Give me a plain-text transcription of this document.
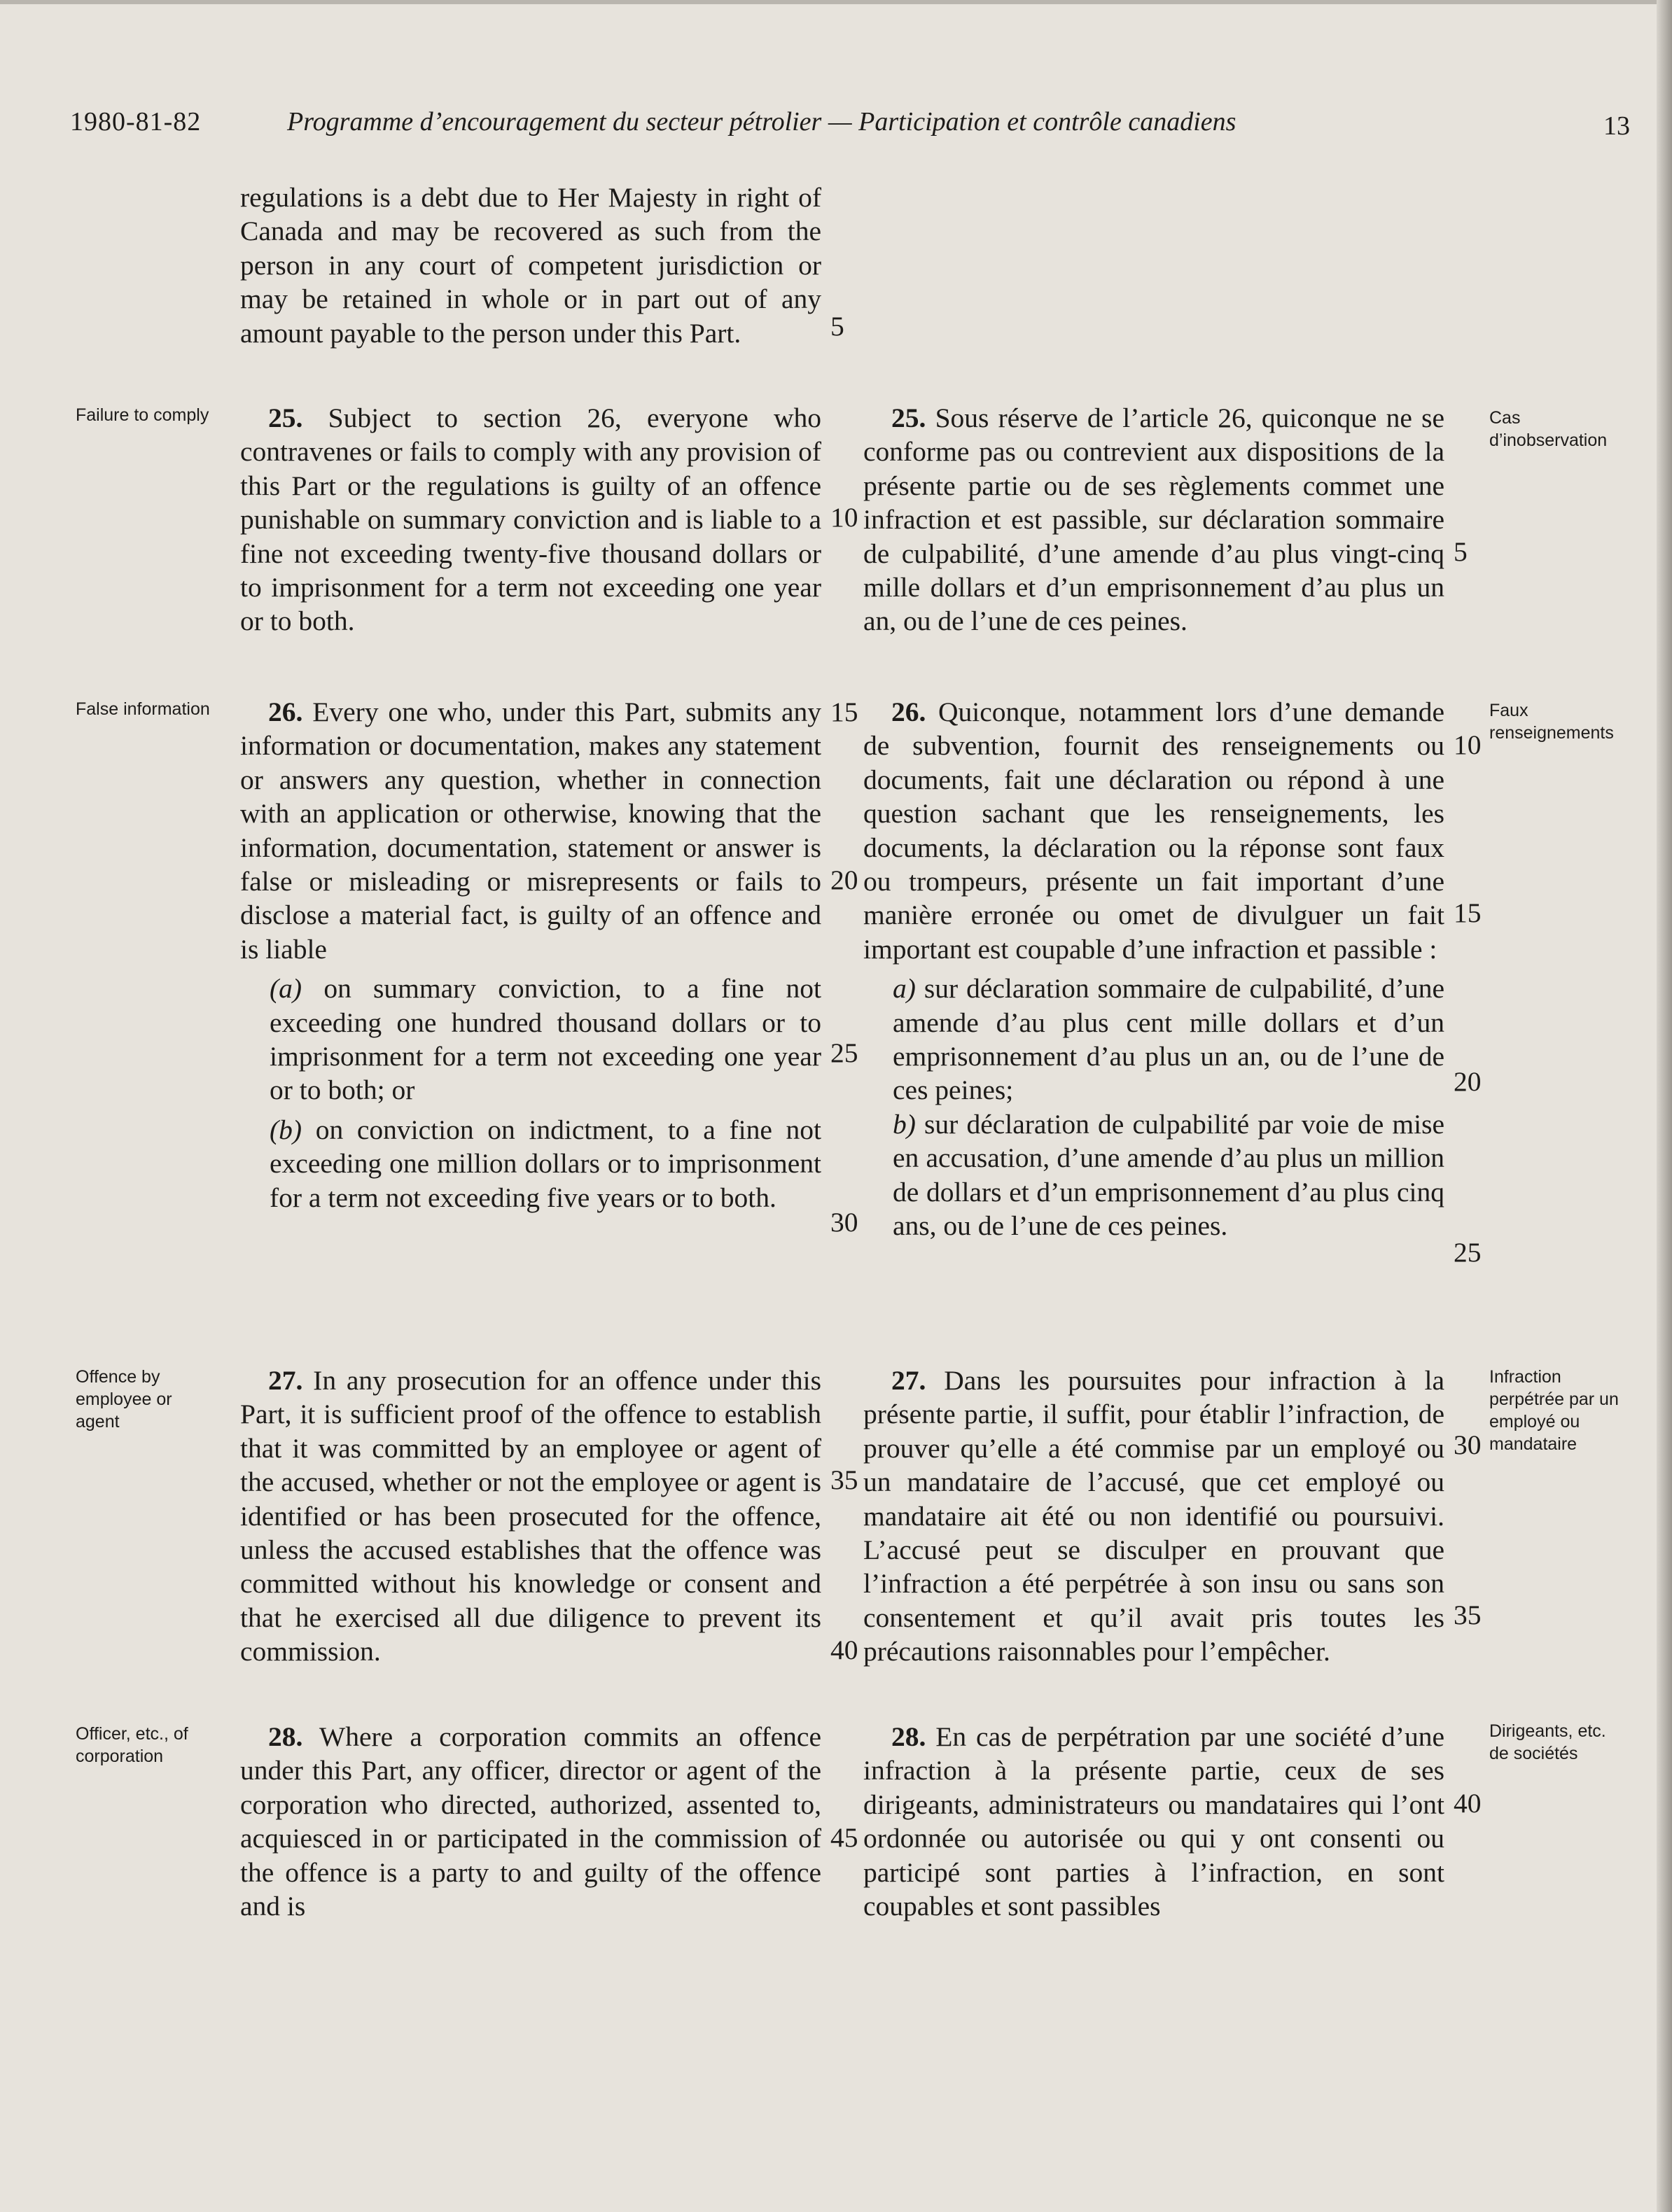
1980-81-82	Programme d’encouragement du secteur pétrolier — Participation et contrôle canadiens	13

regulations is a debt due to Her Majesty in right of Canada and may be recovered as such from the person in any court of competent jurisdiction or may be retained in whole or in part out of any amount payable to the person under this Part.

25. Subject to section 26, everyone who contravenes or fails to comply with any provision of this Part or the regulations is guilty of an offence punishable on summary conviction and is liable to a fine not exceeding twenty-five thousand dollars or to imprisonment for a term not exceeding one year or to both.

26. Every one who, under this Part, submits any information or documentation, makes any statement or answers any question, whether in connection with an application or otherwise, knowing that the information, documentation, statement or answer is false or misleading or misrepresents or fails to disclose a material fact, is guilty of an offence and is liable

(a) on summary conviction, to a fine not exceeding one hundred thousand dollars or to imprisonment for a term not exceeding one year or to both; or

(b) on conviction on indictment, to a fine not exceeding one million dollars or to imprisonment for a term not exceeding five years or to both.

27. In any prosecution for an offence under this Part, it is sufficient proof of the offence to establish that it was committed by an employee or agent of the accused, whether or not the employee or agent is identified or has been prosecuted for the offence, unless the accused establishes that the offence was committed without his knowledge or consent and that he exercised all due diligence to prevent its commission.

28. Where a corporation commits an offence under this Part, any officer, director or agent of the corporation who directed, authorized, assented to, acquiesced in or participated in the commission of the offence is a party to and guilty of the offence and is

25. Sous réserve de l’article 26, quiconque ne se conforme pas ou contrevient aux dispositions de la présente partie ou de ses règlements commet une infraction et est passible, sur déclaration sommaire de culpabilité, d’une amende d’au plus vingt-cinq mille dollars et d’un emprisonnement d’au plus un an, ou de l’une de ces peines.

26. Quiconque, notamment lors d’une demande de subvention, fournit des renseignements ou documents, fait une déclaration ou répond à une question sachant que les renseignements, les documents, la déclaration ou la réponse sont faux ou trompeurs, présente un fait important d’une manière erronée ou omet de divulguer un fait important est coupable d’une infraction et passible :

a) sur déclaration sommaire de culpabilité, d’une amende d’au plus cent mille dollars et d’un emprisonnement d’au plus un an, ou de l’une de ces peines;

b) sur déclaration de culpabilité par voie de mise en accusation, d’une amende d’au plus un million de dollars et d’un emprisonnement d’au plus cinq ans, ou de l’une de ces peines.

27. Dans les poursuites pour infraction à la présente partie, il suffit, pour établir l’infraction, de prouver qu’elle a été commise par un employé ou un mandataire de l’accusé, que cet employé ou mandataire ait été ou non identifié ou poursuivi. L’accusé peut se disculper en prouvant que l’infraction a été perpétrée à son insu ou sans son consentement et qu’il avait pris toutes les précautions raisonnables pour l’empêcher.

28. En cas de perpétration par une société d’une infraction à la présente partie, ceux de ses dirigeants, administrateurs ou mandataires qui l’ont ordonnée ou autorisée ou qui y ont consenti ou participé sont parties à l’infraction, en sont coupables et sont passibles

Failure to comply
False information
Offence by employee or agent
Officer, etc., of corporation
Cas d’inobservation
Faux renseignements
Infraction perpétrée par un employé ou mandataire
Dirigeants, etc. de sociétés
5
10
15
20
25
30
35
40
45
5
10
15
20
25
30
35
40
